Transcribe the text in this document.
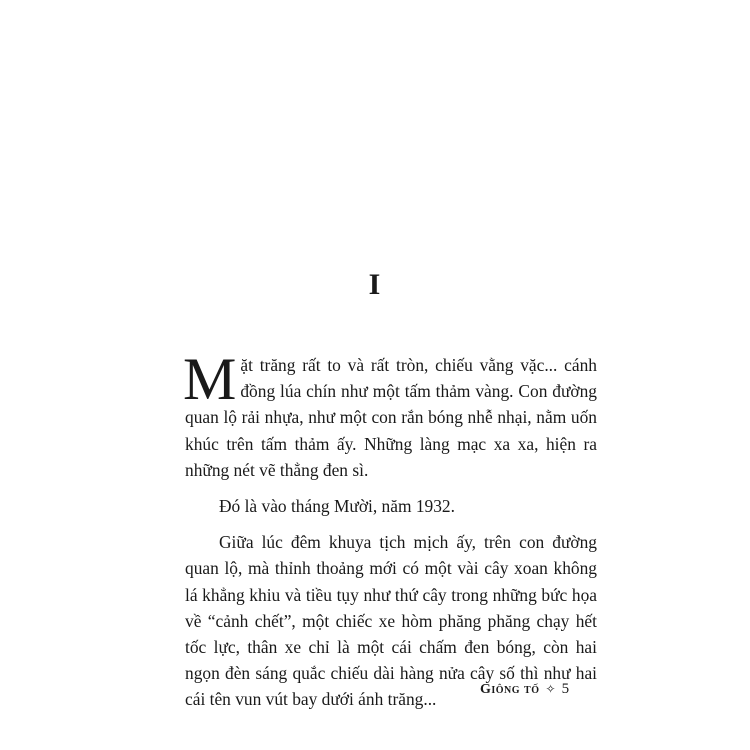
I

Mặt trăng rất to và rất tròn, chiếu vằng vặc... cánh đồng lúa chín như một tấm thảm vàng. Con đường quan lộ rải nhựa, như một con rắn bóng nhễ nhại, nằm uốn khúc trên tấm thảm ấy. Những làng mạc xa xa, hiện ra những nét vẽ thẳng đen sì.

Đó là vào tháng Mười, năm 1932.

Giữa lúc đêm khuya tịch mịch ấy, trên con đường quan lộ, mà thỉnh thoảng mới có một vài cây xoan không lá khẳng khiu và tiều tụy như thứ cây trong những bức họa về “cảnh chết”, một chiếc xe hòm phăng phăng chạy hết tốc lực, thân xe chỉ là một cái chấm đen bóng, còn hai ngọn đèn sáng quắc chiếu dài hàng nửa cây số thì như hai cái tên vun vút bay dưới ánh trăng...	Giông tố ✧ 5
